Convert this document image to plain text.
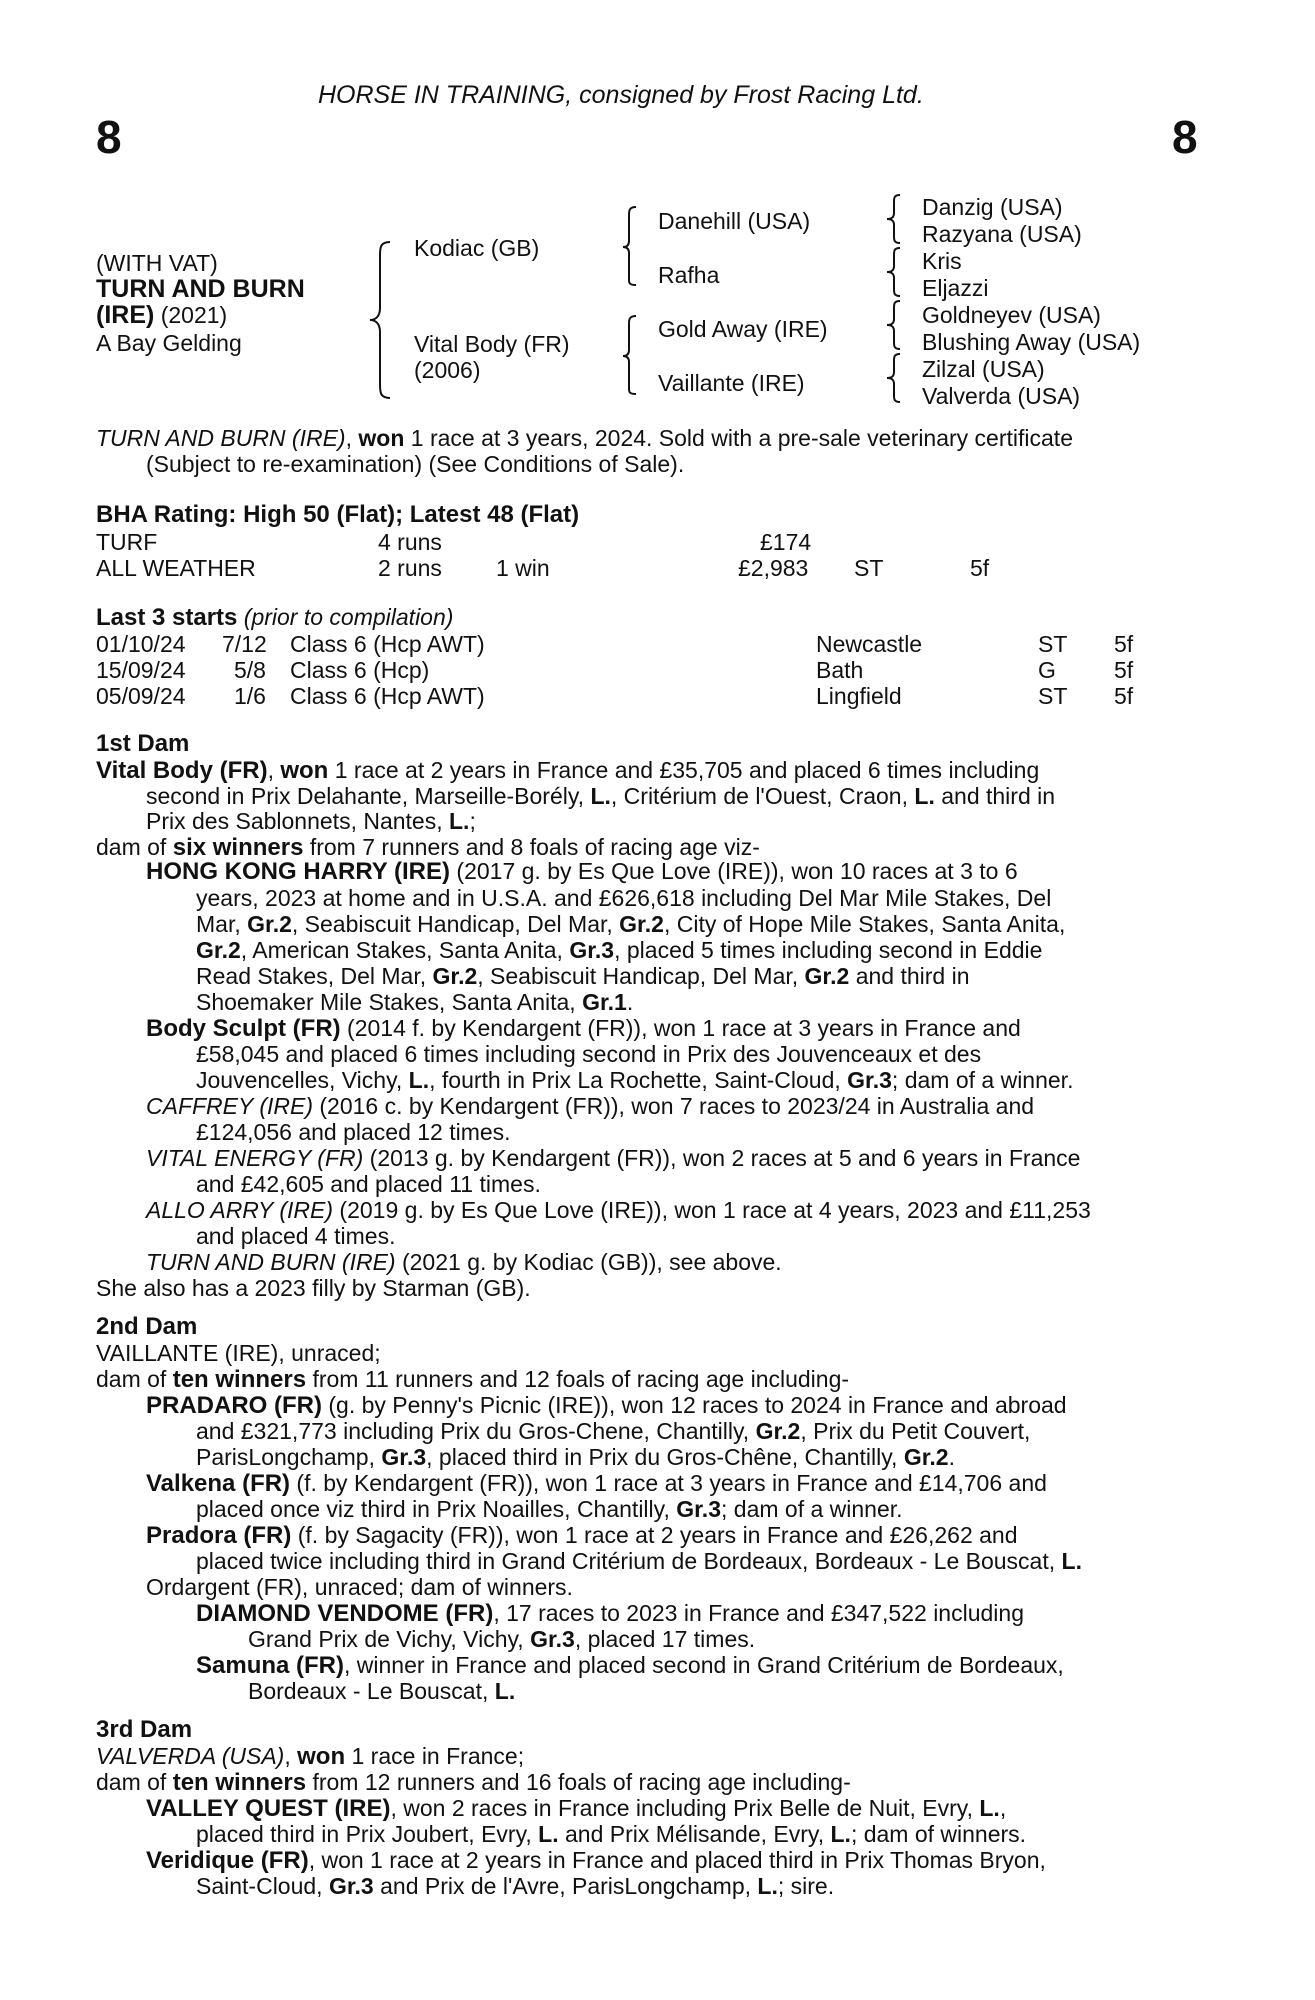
HORSE IN TRAINING, consigned by Frost Racing Ltd.
8	8
(WITH VAT)
TURN AND BURN
(IRE) (2021)
A Bay Gelding
Kodiac (GB)
Vital Body (FR)
(2006)
Danehill (USA)
Rafha
Gold Away (IRE)
Vaillante (IRE)
Danzig (USA)
Razyana (USA)
Kris
Eljazzi
Goldneyev (USA)
Blushing Away (USA)
Zilzal (USA)
Valverda (USA)
TURN AND BURN (IRE), won 1 race at 3 years, 2024. Sold with a pre-sale veterinary certificate
(Subject to re-examination) (See Conditions of Sale).
BHA Rating: High 50 (Flat); Latest 48 (Flat)
TURF	4 runs	£174
ALL WEATHER	2 runs 1 win	£2,983 ST	5f
Last 3 starts (prior to compilation)
01/10/24 7/12 Class 6 (Hcp AWT)	Newcastle	ST 5f
15/09/24 5/8 Class 6 (Hcp)	Bath	G	5f
05/09/24 1/6 Class 6 (Hcp AWT)	Lingfield	ST 5f
1st Dam
Vital Body (FR), won 1 race at 2 years in France and £35,705 and placed 6 times including
second in Prix Delahante, Marseille-Borély, L., Critérium de l'Ouest, Craon, L. and third in
Prix des Sablonnets, Nantes, L.;
dam of six winners from 7 runners and 8 foals of racing age viz-
HONG KONG HARRY (IRE) (2017 g. by Es Que Love (IRE)), won 10 races at 3 to 6
years, 2023 at home and in U.S.A. and £626,618 including Del Mar Mile Stakes, Del
Mar, Gr.2, Seabiscuit Handicap, Del Mar, Gr.2, City of Hope Mile Stakes, Santa Anita,
Gr.2, American Stakes, Santa Anita, Gr.3, placed 5 times including second in Eddie
Read Stakes, Del Mar, Gr.2, Seabiscuit Handicap, Del Mar, Gr.2 and third in
Shoemaker Mile Stakes, Santa Anita, Gr.1.
Body Sculpt (FR) (2014 f. by Kendargent (FR)), won 1 race at 3 years in France and
£58,045 and placed 6 times including second in Prix des Jouvenceaux et des
Jouvencelles, Vichy, L., fourth in Prix La Rochette, Saint-Cloud, Gr.3; dam of a winner.
CAFFREY (IRE) (2016 c. by Kendargent (FR)), won 7 races to 2023/24 in Australia and
£124,056 and placed 12 times.
VITAL ENERGY (FR) (2013 g. by Kendargent (FR)), won 2 races at 5 and 6 years in France
and £42,605 and placed 11 times.
ALLO ARRY (IRE) (2019 g. by Es Que Love (IRE)), won 1 race at 4 years, 2023 and £11,253
and placed 4 times.
TURN AND BURN (IRE) (2021 g. by Kodiac (GB)), see above.
She also has a 2023 filly by Starman (GB).
2nd Dam
VAILLANTE (IRE), unraced;
dam of ten winners from 11 runners and 12 foals of racing age including-
PRADARO (FR) (g. by Penny's Picnic (IRE)), won 12 races to 2024 in France and abroad
and £321,773 including Prix du Gros-Chene, Chantilly, Gr.2, Prix du Petit Couvert,
ParisLongchamp, Gr.3, placed third in Prix du Gros-Chêne, Chantilly, Gr.2.
Valkena (FR) (f. by Kendargent (FR)), won 1 race at 3 years in France and £14,706 and
placed once viz third in Prix Noailles, Chantilly, Gr.3; dam of a winner.
Pradora (FR) (f. by Sagacity (FR)), won 1 race at 2 years in France and £26,262 and
placed twice including third in Grand Critérium de Bordeaux, Bordeaux - Le Bouscat, L.
Ordargent (FR), unraced; dam of winners.
DIAMOND VENDOME (FR), 17 races to 2023 in France and £347,522 including
Grand Prix de Vichy, Vichy, Gr.3, placed 17 times.
Samuna (FR), winner in France and placed second in Grand Critérium de Bordeaux,
Bordeaux - Le Bouscat, L.
3rd Dam
VALVERDA (USA), won 1 race in France;
dam of ten winners from 12 runners and 16 foals of racing age including-
VALLEY QUEST (IRE), won 2 races in France including Prix Belle de Nuit, Evry, L.,
placed third in Prix Joubert, Evry, L. and Prix Mélisande, Evry, L.; dam of winners.
Veridique (FR), won 1 race at 2 years in France and placed third in Prix Thomas Bryon,
Saint-Cloud, Gr.3 and Prix de l'Avre, ParisLongchamp, L.; sire.
